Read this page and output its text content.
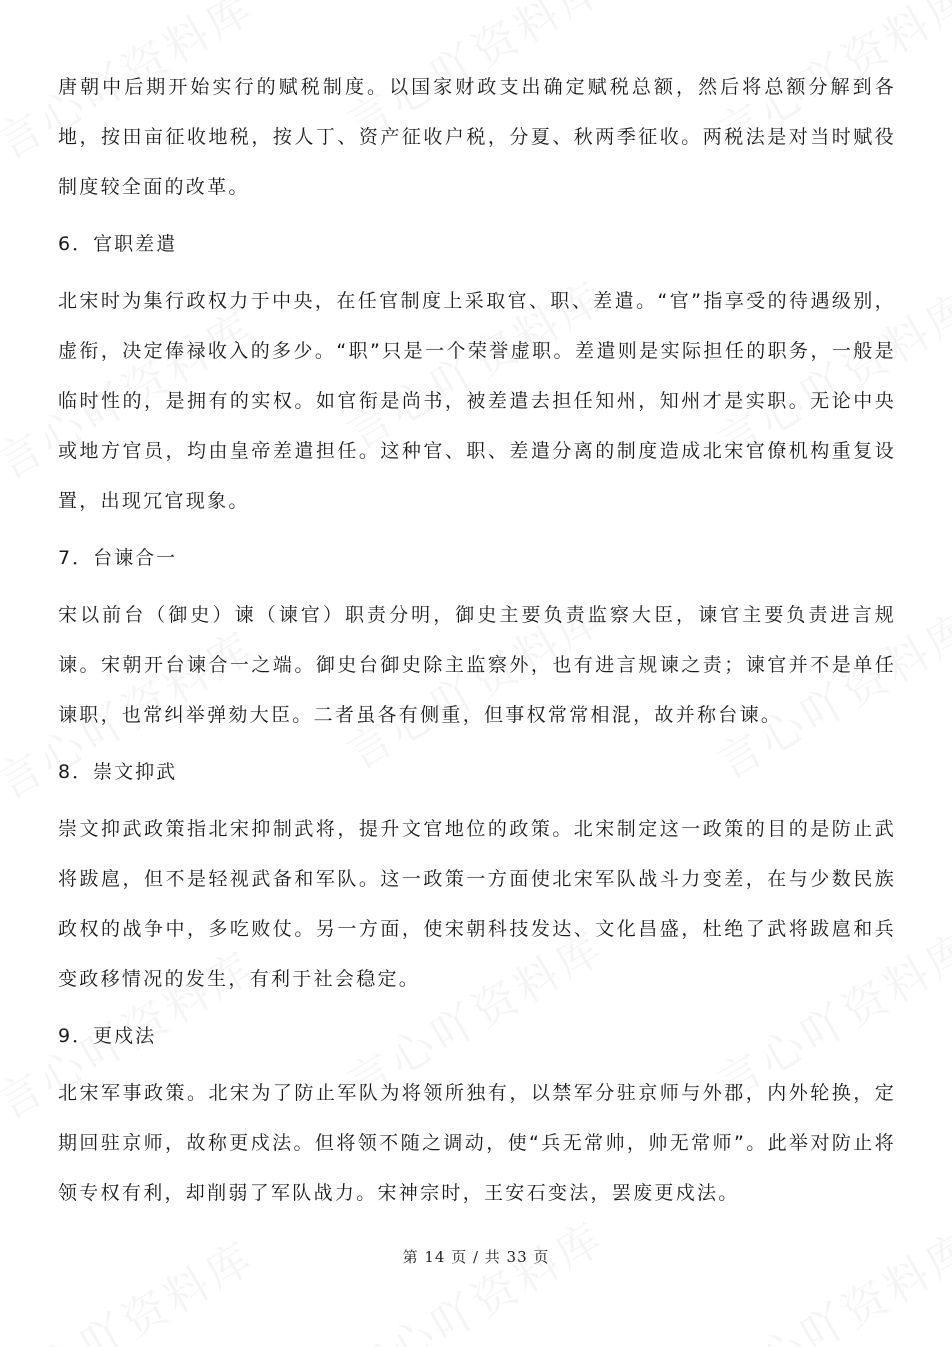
唐朝中后期开始实行的赋税制度。以国家财政支出确定赋税总额，然后将总额分解到各地，按田亩征收地税，按人丁、资产征收户税，分夏、秋两季征收。两税法是对当时赋役制度较全面的改革。

6．官职差遣

北宋时为集行政权力于中央，在任官制度上采取官、职、差遣。“官”指享受的待遇级别，虚衔，决定俸禄收入的多少。“职”只是一个荣誉虚职。差遣则是实际担任的职务，一般是临时性的，是拥有的实权。如官衔是尚书，被差遣去担任知州，知州才是实职。无论中央或地方官员，均由皇帝差遣担任。这种官、职、差遣分离的制度造成北宋官僚机构重复设置，出现冗官现象。

7．台谏合一

宋以前台（御史）谏（谏官）职责分明，御史主要负责监察大臣，谏官主要负责进言规谏。宋朝开台谏合一之端。御史台御史除主监察外，也有进言规谏之责；谏官并不是单任谏职，也常纠举弹劾大臣。二者虽各有侧重，但事权常常相混，故并称台谏。

8．崇文抑武

崇文抑武政策指北宋抑制武将，提升文官地位的政策。北宋制定这一政策的目的是防止武将跋扈，但不是轻视武备和军队。这一政策一方面使北宋军队战斗力变差，在与少数民族政权的战争中，多吃败仗。另一方面，使宋朝科技发达、文化昌盛，杜绝了武将跋扈和兵变政移情况的发生，有利于社会稳定。

9．更戍法

北宋军事政策。北宋为了防止军队为将领所独有，以禁军分驻京师与外郡，内外轮换，定期回驻京师，故称更戍法。但将领不随之调动，使“兵无常帅，帅无常师”。此举对防止将领专权有利，却削弱了军队战力。宋神宗时，王安石变法，罢废更戍法。

第 14 页 / 共 33 页
